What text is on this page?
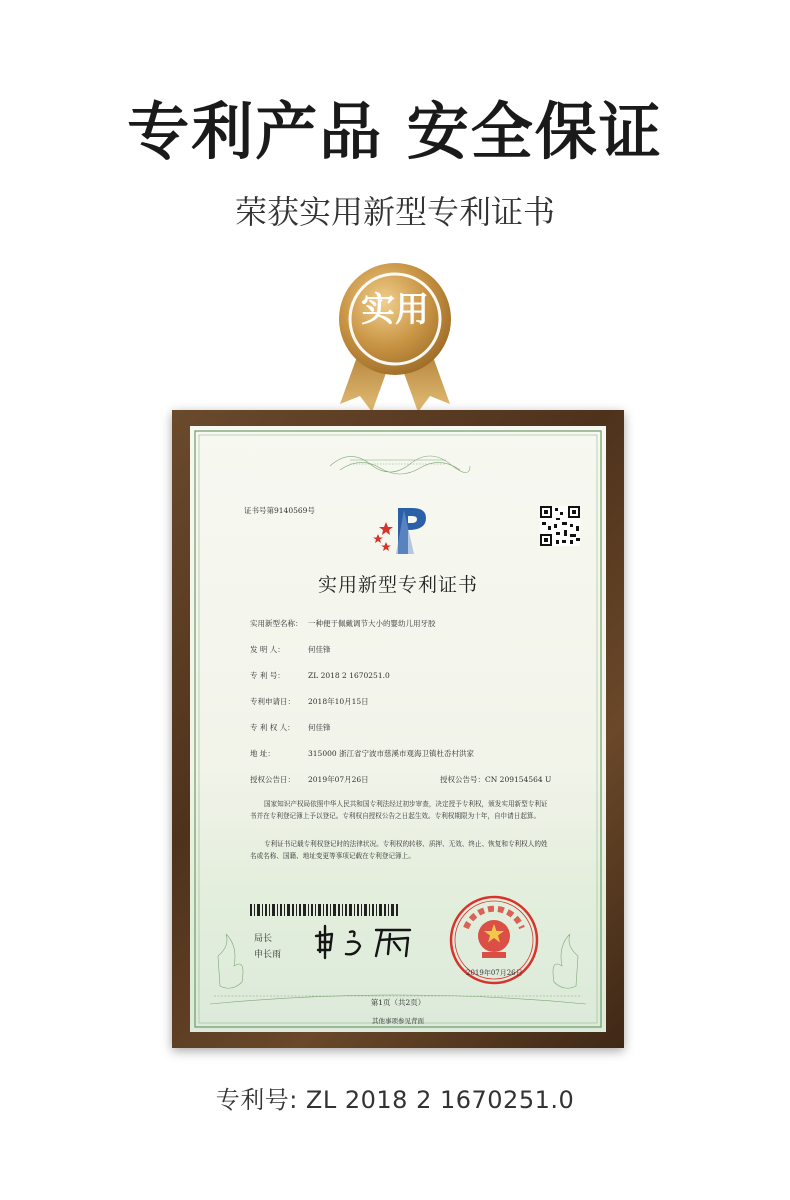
专利产品 安全保证
荣获实用新型专利证书
实用
证书号第9140569号
实用新型专利证书
实用新型名称： 一种便于佩戴调节大小的婴幼儿用牙胶
发 明 人：	何佳锋
专 利 号：	ZL 2018 2 1670251.0
专利申请日： 2018年10月15日
专 利 权 人： 何佳锋
地 址：	315000 浙江省宁波市慈溪市观海卫镇杜岙村洪家
授权公告日： 2019年07月26日	授权公告号：CN 209154564 U
国家知识产权局依照中华人民共和国专利法经过初步审查，决定授予专利权，颁发实用新型专利证书并在专利登记簿上予以登记。专利权自授权公告之日起生效。专利权期限为十年，自申请日起算。
专利证书记载专利权登记时的法律状况。专利权的转移、质押、无效、终止、恢复和专利权人的姓名或名称、国籍、地址变更等事项记载在专利登记簿上。
局长
申长雨
2019年07月26日
第1页（共2页）
其他事项参见背面
专利号: ZL 2018 2 1670251.0
